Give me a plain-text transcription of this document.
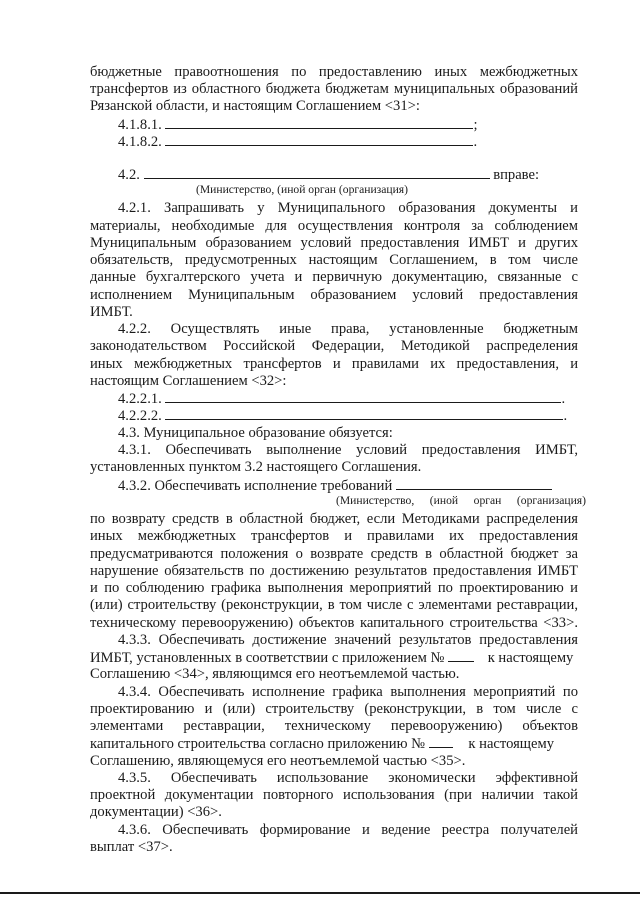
бюджетные правоотношения по предоставлению иных межбюджетных
трансфертов из областного бюджета бюджетам муниципальных образований
Рязанской области, и настоящим Соглашением <31>:
4.1.8.1.	;
4.1.8.2.	.
4.2.	вправе:
(Министерство, (иной орган (организация)
4.2.1. Запрашивать у Муниципального образования документы и
материалы, необходимые для осуществления контроля за соблюдением
Муниципальным образованием условий предоставления ИМБТ и других
обязательств, предусмотренных настоящим Соглашением, в том числе
данные бухгалтерского учета и первичную документацию, связанные с
исполнением Муниципальным образованием условий предоставления
ИМБТ.
4.2.2. Осуществлять иные права, установленные бюджетным
законодательством Российской Федерации, Методикой распределения
иных межбюджетных трансфертов и правилами их предоставления, и
настоящим Соглашением <32>:
4.2.2.1.	.
4.2.2.2.	.
4.3. Муниципальное образование обязуется:
4.3.1. Обеспечивать выполнение условий предоставления ИМБТ,
установленных пунктом 3.2 настоящего Соглашения.
4.3.2. Обеспечивать исполнение требований
(Министерство, (иной орган (организация)
по возврату средств в областной бюджет, если Методиками распределения
иных межбюджетных трансфертов и правилами их предоставления
предусматриваются положения о возврате средств в областной бюджет за
нарушение обязательств по достижению результатов предоставления ИМБТ
и по соблюдению графика выполнения мероприятий по проектированию и
(или) строительству (реконструкции, в том числе с элементами реставрации,
техническому перевооружению) объектов капитального строительства <33>.
4.3.3. Обеспечивать достижение значений результатов предоставления
ИМБТ, установленных в соответствии с приложением №	к настоящему
Соглашению <34>, являющимся его неотъемлемой частью.
4.3.4. Обеспечивать исполнение графика выполнения мероприятий по
проектированию и (или) строительству (реконструкции, в том числе с
элементами реставрации, техническому перевооружению) объектов
капитального строительства согласно приложению №	к настоящему
Соглашению, являющемуся его неотъемлемой частью <35>.
4.3.5. Обеспечивать использование экономически эффективной
проектной документации повторного использования (при наличии такой
документации) <36>.
4.3.6. Обеспечивать формирование и ведение реестра получателей
выплат <37>.
